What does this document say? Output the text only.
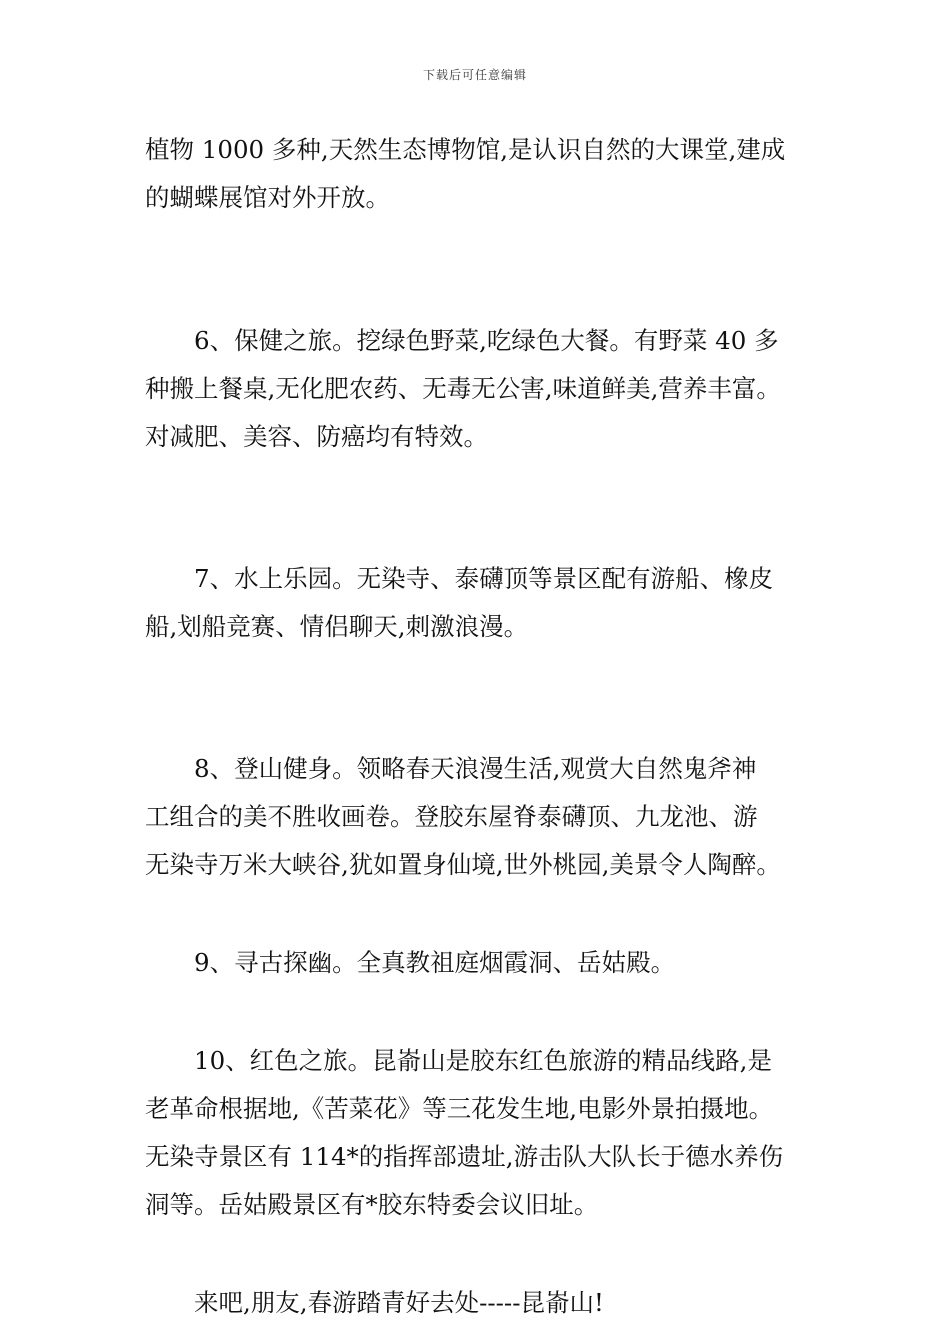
下载后可任意编辑

植物 1000 多种,天然生态博物馆,是认识自然的大课堂,建成
的蝴蝶展馆对外开放。

6、保健之旅。挖绿色野菜,吃绿色大餐。有野菜 40 多
种搬上餐桌,无化肥农药、无毒无公害,味道鲜美,营养丰富。
对减肥、美容、防癌均有特效。

7、水上乐园。无染寺、泰礴顶等景区配有游船、橡皮
船,划船竞赛、情侣聊天,刺激浪漫。

8、登山健身。领略春天浪漫生活,观赏大自然鬼斧神
工组合的美不胜收画卷。登胶东屋脊泰礴顶、九龙池、游
无染寺万米大峡谷,犹如置身仙境,世外桃园,美景令人陶醉。

9、寻古探幽。全真教祖庭烟霞洞、岳姑殿。

10、红色之旅。昆嵛山是胶东红色旅游的精品线路,是
老革命根据地,《苦菜花》等三花发生地,电影外景拍摄地。
无染寺景区有 114*的指挥部遗址,游击队大队长于德水养伤
洞等。岳姑殿景区有*胶东特委会议旧址。

来吧,朋友,春游踏青好去处-----昆嵛山!
